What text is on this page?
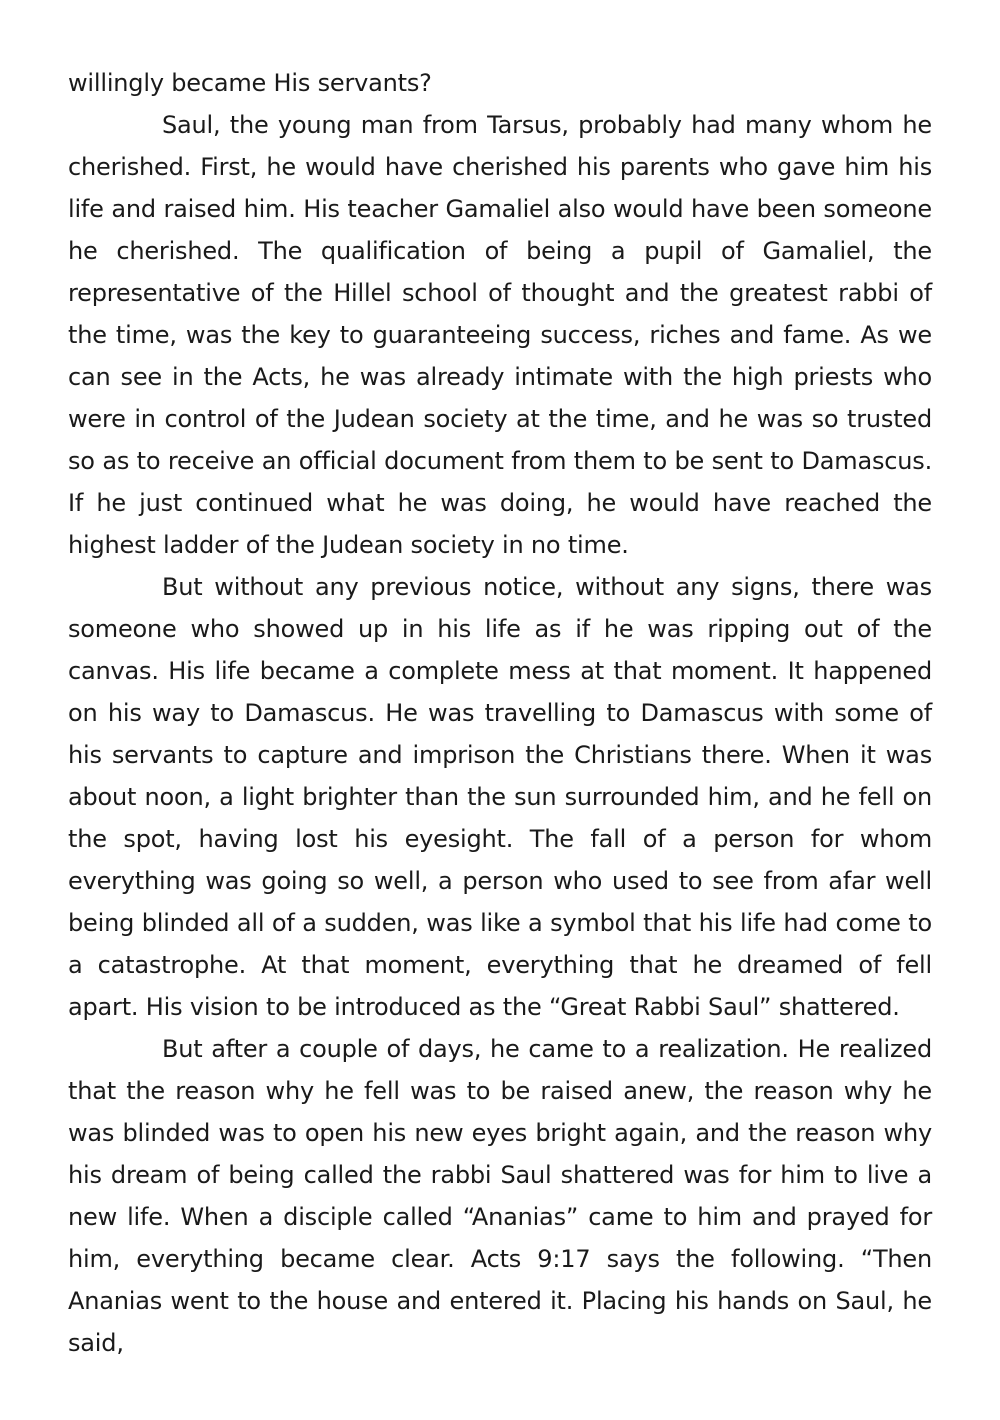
willingly became His servants?

Saul, the young man from Tarsus, probably had many whom he cherished. First, he would have cherished his parents who gave him his life and raised him. His teacher Gamaliel also would have been someone he cherished. The qualification of being a pupil of Gamaliel, the representative of the Hillel school of thought and the greatest rabbi of the time, was the key to guaranteeing success, riches and fame. As we can see in the Acts, he was already intimate with the high priests who were in control of the Judean society at the time, and he was so trusted so as to receive an official document from them to be sent to Damascus. If he just continued what he was doing, he would have reached the highest ladder of the Judean society in no time.

But without any previous notice, without any signs, there was someone who showed up in his life as if he was ripping out of the canvas. His life became a complete mess at that moment. It happened on his way to Damascus. He was travelling to Damascus with some of his servants to capture and imprison the Christians there. When it was about noon, a light brighter than the sun surrounded him, and he fell on the spot, having lost his eyesight. The fall of a person for whom everything was going so well, a person who used to see from afar well being blinded all of a sudden, was like a symbol that his life had come to a catastrophe. At that moment, everything that he dreamed of fell apart. His vision to be introduced as the “Great Rabbi Saul” shattered.

But after a couple of days, he came to a realization. He realized that the reason why he fell was to be raised anew, the reason why he was blinded was to open his new eyes bright again, and the reason why his dream of being called the rabbi Saul shattered was for him to live a new life. When a disciple called “Ananias” came to him and prayed for him, everything became clear. Acts 9:17 says the following. “Then Ananias went to the house and entered it. Placing his hands on Saul, he said,
